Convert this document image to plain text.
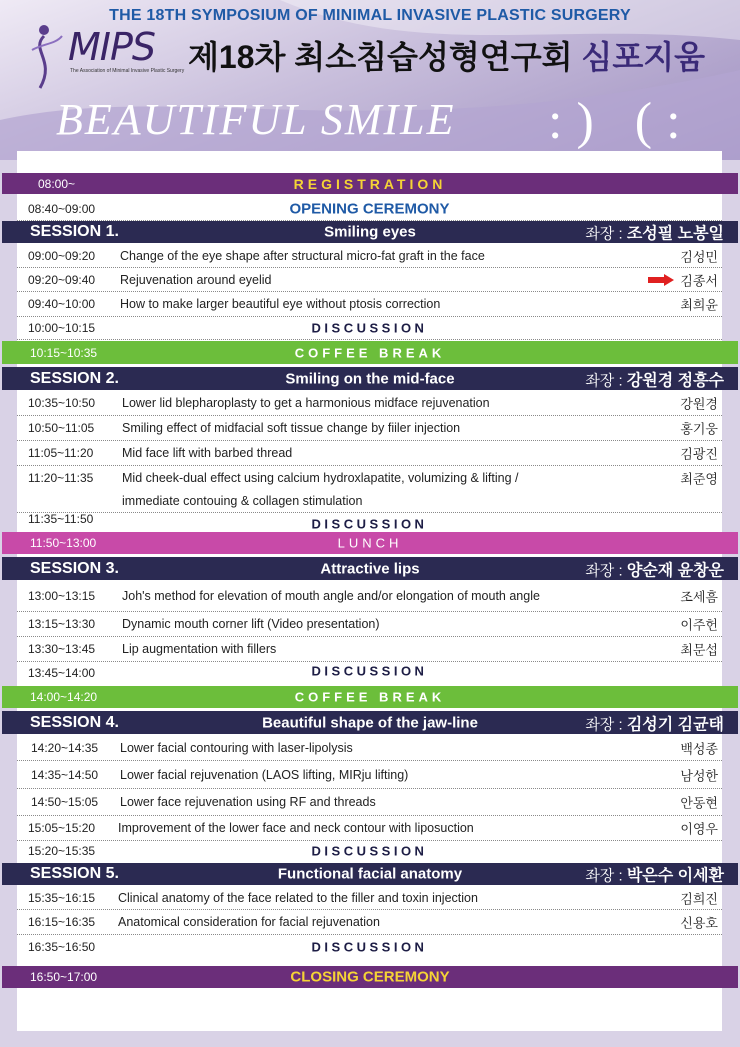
THE 18TH SYMPOSIUM OF MINIMAL INVASIVE PLASTIC SURGERY
MIPS
The Association of Minimal Invasive Plastic Surgery 제18차 최소침습성형연구회 심포지움
BEAUTIFUL SMILE :) (:
08:00~	REGISTRATION
08:40~09:00	OPENING CEREMONY
SESSION 1.	Smiling eyes	좌장 : 조성필 노봉일
09:00~09:20 Change of the eye shape after structural micro-fat graft in the face	김성민
09:20~09:40 Rejuvenation around eyelid	김종서
09:40~10:00 How to make larger beautiful eye without ptosis correction	최희윤
10:00~10:15	DISCUSSION
10:15~10:35	COFFEE BREAK
SESSION 2.	Smiling on the mid-face	좌장 : 강원경 정흥수
10:35~10:50 Lower lid blepharoplasty to get a harmonious midface rejuvenation	강원경
10:50~11:05 Smiling effect of midfacial soft tissue change by fiiler injection	홍기웅
11:05~11:20 Mid face lift with barbed thread	김광진
11:20~11:35 Mid cheek-dual effect using calcium hydroxlapatite, volumizing & lifting /
immediate contouing & collagen stimulation
최준영
11:35~11:50	DISCUSSION
11:50~13:00	LUNCH
SESSION 3.	Attractive lips	좌장 : 양순재 윤창운
13:00~13:15 Joh's method for elevation of mouth angle and/or elongation of mouth angle	조세흠
13:15~13:30 Dynamic mouth corner lift (Video presentation)	이주헌
13:30~13:45 Lip augmentation with fillers	최문섭
13:45~14:00	DISCUSSION
14:00~14:20	COFFEE BREAK
SESSION 4.	Beautiful shape of the jaw-line	좌장 : 김성기 김균태
14:20~14:35 Lower facial contouring with laser-lipolysis	백성종
14:35~14:50 Lower facial rejuvenation (LAOS lifting, MIRju lifting)	남성한
14:50~15:05 Lower face rejuvenation using RF and threads	안동현
15:05~15:20 Improvement of the lower face and neck contour with liposuction	이영우
15:20~15:35	DISCUSSION
SESSION 5.	Functional facial anatomy	좌장 : 박은수 이세환
15:35~16:15 Clinical anatomy of the face related to the filler and toxin injection	김희진
16:15~16:35 Anatomical consideration for facial rejuvenation	신용호
16:35~16:50	DISCUSSION
16:50~17:00	CLOSING CEREMONY
